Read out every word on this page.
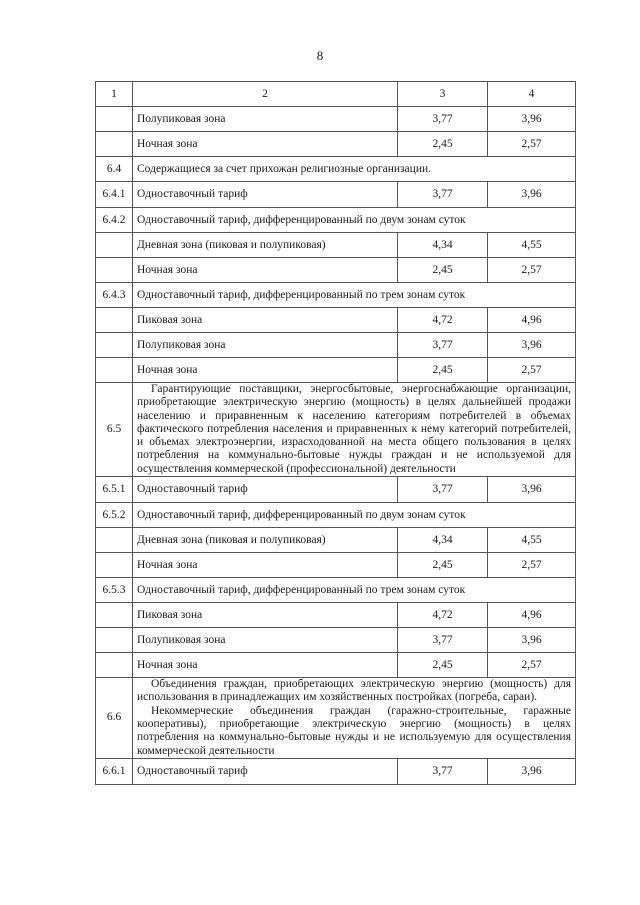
8
1	2	3	4
	Полупиковая зона	3,77	3,96
	Ночная зона	2,45	2,57
6.4	Содержащиеся за счет прихожан религиозные организации.		
6.4.1	Одноставочный тариф	3,77	3,96
6.4.2	Одноставочный тариф, дифференцированный по двум зонам суток		
	Дневная зона (пиковая и полупиковая)	4,34	4,55
	Ночная зона	2,45	2,57
6.4.3	Одноставочный тариф, дифференцированный по трем зонам суток		
	Пиковая зона	4,72	4,96
	Полупиковая зона	3,77	3,96
	Ночная зона	2,45	2,57
6.5	Гарантирующие поставщики, энергосбытовые, энергоснабжающие организации, приобретающие электрическую энергию (мощность) в целях дальнейшей продажи населению и приравненным к населению категориям потребителей в объемах фактического потребления населения и приравненных к нему категорий потребителей, и объемах электроэнергии, израсходованной на места общего пользования в целях потребления на коммунально-бытовые нужды граждан и не используемой для осуществления коммерческой (профессиональной) деятельности		

6.5.1	Одноставочный тариф	3,77	3,96
6.5.2	Одноставочный тариф, дифференцированный по двум зонам суток		
	Дневная зона (пиковая и полупиковая)	4,34	4,55
	Ночная зона	2,45	2,57
6.5.3	Одноставочный тариф, дифференцированный по трем зонам суток		
	Пиковая зона	4,72	4,96
	Полупиковая зона	3,77	3,96
	Ночная зона	2,45	2,57
6.6	Объединения граждан, приобретающих электрическую энергию (мощность) для использования в принадлежащих им хозяйственных постройках (погреба, сараи).

Некоммерческие объединения граждан (гаражно-строительные, гаражные кооперативы), приобретающие электрическую энергию (мощность) в целях потребления на коммунально-бытовые нужды и не используемую для осуществления коммерческой деятельности		

6.6.1	Одноставочный тариф	3,77	3,96
